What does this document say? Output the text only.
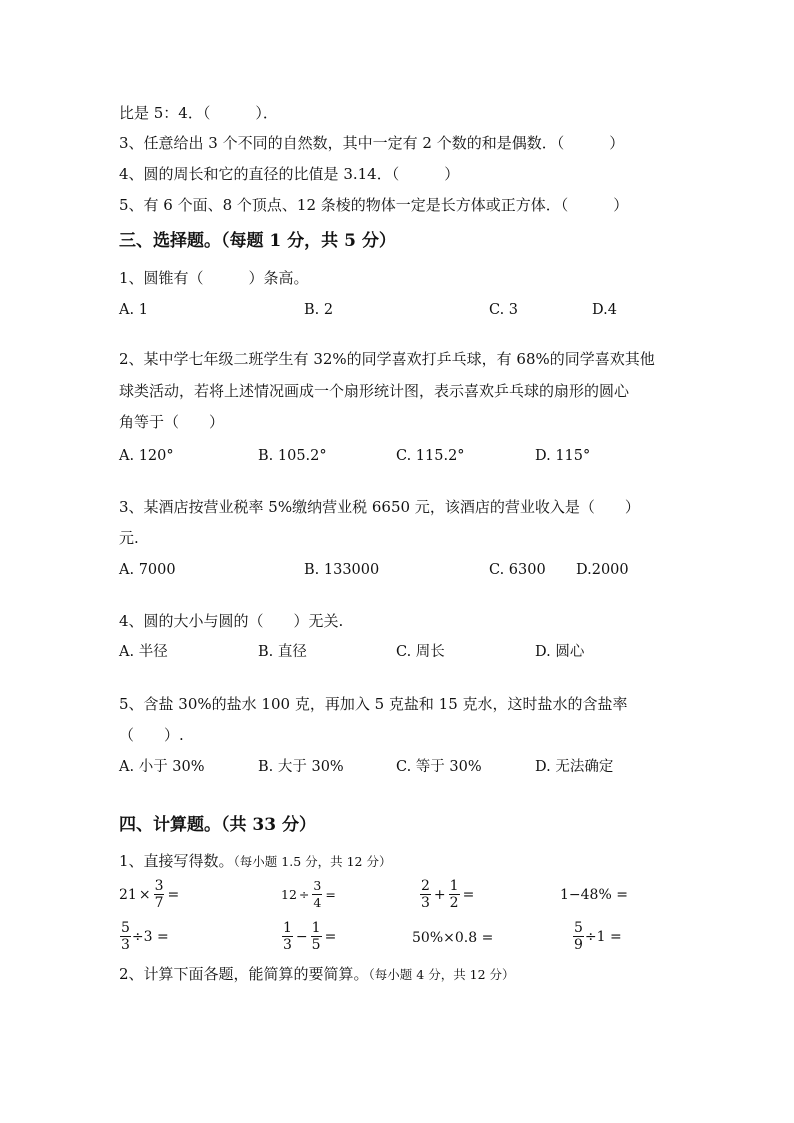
比是 5：4．（　　　）．
3、任意给出 3 个不同的自然数，其中一定有 2 个数的和是偶数．（　　　）
4、圆的周长和它的直径的比值是 3.14．（　　　）
5、有 6 个面、8 个顶点、12 条棱的物体一定是长方体或正方体．（　　　）
三、选择题。（每题 1 分，共 5 分）
1、圆锥有（　　　）条高。
A. 1	B. 2	C. 3	D.4
2、某中学七年级二班学生有 32%的同学喜欢打乒乓球，有 68%的同学喜欢其他
球类活动，若将上述情况画成一个扇形统计图，表示喜欢乒乓球的扇形的圆心
角等于（　　）
A. 120°	B. 105.2°	C. 115.2°	D. 115°
3、某酒店按营业税率 5%缴纳营业税 6650 元，该酒店的营业收入是（　　）
元.
A. 7000	B. 133000	C. 6300 D.2000
4、圆的大小与圆的（　　）无关.
A. 半径	B. 直径	C. 周长	D. 圆心
5、含盐 30%的盐水 100 克，再加入 5 克盐和 15 克水，这时盐水的含盐率
（　　）.
A. 小于 30%	B. 大于 30%	C. 等于 30%	D. 无法确定
四、计算题。（共 33 分）
1、直接写得数。（每小题 1.5 分，共 12 分）
$21 \times \frac{3}{7}$ =	$12 \div \frac{3}{4}$ =	$\frac{2}{3} + \frac{1}{2}$ =	1−48% =
$\frac{5}{3} \div 3$ =	$\frac{1}{3} - \frac{1}{5}$ =	50%×0.8 =	$\frac{5}{9} \div 1$ =
2、计算下面各题，能简算的要简算。（每小题 4 分，共 12 分）
